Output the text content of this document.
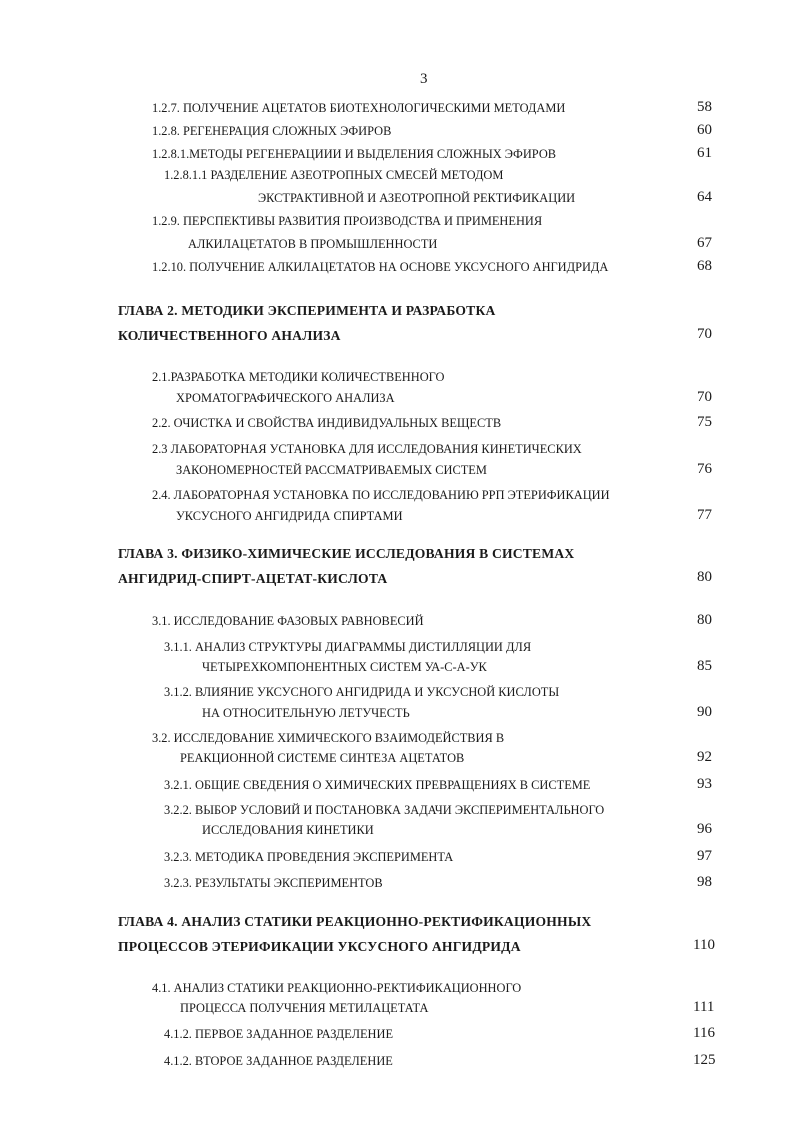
3
1.2.7. ПОЛУЧЕНИЕ АЦЕТАТОВ БИОТЕХНОЛОГИЧЕСКИМИ МЕТОДАМИ	58
1.2.8. РЕГЕНЕРАЦИЯ СЛОЖНЫХ ЭФИРОВ	60
1.2.8.1.МЕТОДЫ РЕГЕНЕРАЦИИИ И ВЫДЕЛЕНИЯ СЛОЖНЫХ ЭФИРОВ	61
1.2.8.1.1 РАЗДЕЛЕНИЕ АЗЕОТРОПНЫХ СМЕСЕЙ МЕТОДОМ
ЭКСТРАКТИВНОЙ И АЗЕОТРОПНОЙ РЕКТИФИКАЦИИ	64
1.2.9. ПЕРСПЕКТИВЫ РАЗВИТИЯ ПРОИЗВОДСТВА И ПРИМЕНЕНИЯ
АЛКИЛАЦЕТАТОВ В ПРОМЫШЛЕННОСТИ	67
1.2.10. ПОЛУЧЕНИЕ АЛКИЛАЦЕТАТОВ НА ОСНОВЕ УКСУСНОГО АНГИДРИДА	68
ГЛАВА 2. МЕТОДИКИ ЭКСПЕРИМЕНТА И РАЗРАБОТКА
КОЛИЧЕСТВЕННОГО АНАЛИЗА	70
2.1.РАЗРАБОТКА МЕТОДИКИ КОЛИЧЕСТВЕННОГО
ХРОМАТОГРАФИЧЕСКОГО АНАЛИЗА	70
2.2. ОЧИСТКА И СВОЙСТВА ИНДИВИДУАЛЬНЫХ ВЕЩЕСТВ	75
2.3 ЛАБОРАТОРНАЯ УСТАНОВКА ДЛЯ ИССЛЕДОВАНИЯ КИНЕТИЧЕСКИХ
ЗАКОНОМЕРНОСТЕЙ РАССМАТРИВАЕМЫХ СИСТЕМ	76
2.4. ЛАБОРАТОРНАЯ УСТАНОВКА ПО ИССЛЕДОВАНИЮ РРП ЭТЕРИФИКАЦИИ
УКСУСНОГО АНГИДРИДА СПИРТАМИ	77
ГЛАВА 3. ФИЗИКО-ХИМИЧЕСКИЕ ИССЛЕДОВАНИЯ В СИСТЕМАХ
АНГИДРИД-СПИРТ-АЦЕТАТ-КИСЛОТА	80
3.1. ИССЛЕДОВАНИЕ ФАЗОВЫХ РАВНОВЕСИЙ	80
3.1.1. АНАЛИЗ СТРУКТУРЫ ДИАГРАММЫ ДИСТИЛЛЯЦИИ ДЛЯ
ЧЕТЫРЕХКОМПОНЕНТНЫХ СИСТЕМ УА-С-А-УК	85
3.1.2. ВЛИЯНИЕ УКСУСНОГО АНГИДРИДА И УКСУСНОЙ КИСЛОТЫ
НА ОТНОСИТЕЛЬНУЮ ЛЕТУЧЕСТЬ	90
3.2. ИССЛЕДОВАНИЕ ХИМИЧЕСКОГО ВЗАИМОДЕЙСТВИЯ В
РЕАКЦИОННОЙ СИСТЕМЕ СИНТЕЗА АЦЕТАТОВ	92
3.2.1. ОБЩИЕ СВЕДЕНИЯ О ХИМИЧЕСКИХ ПРЕВРАЩЕНИЯХ В СИСТЕМЕ	93
3.2.2. ВЫБОР УСЛОВИЙ И ПОСТАНОВКА ЗАДАЧИ ЭКСПЕРИМЕНТАЛЬНОГО
ИССЛЕДОВАНИЯ КИНЕТИКИ	96
3.2.3. МЕТОДИКА ПРОВЕДЕНИЯ ЭКСПЕРИМЕНТА	97
3.2.3. РЕЗУЛЬТАТЫ ЭКСПЕРИМЕНТОВ	98
ГЛАВА 4. АНАЛИЗ СТАТИКИ РЕАКЦИОННО-РЕКТИФИКАЦИОННЫХ
ПРОЦЕССОВ ЭТЕРИФИКАЦИИ УКСУСНОГО АНГИДРИДА	110
4.1. АНАЛИЗ СТАТИКИ РЕАКЦИОННО-РЕКТИФИКАЦИОННОГО
ПРОЦЕССА ПОЛУЧЕНИЯ МЕТИЛАЦЕТАТА	111
4.1.2. ПЕРВОЕ ЗАДАННОЕ РАЗДЕЛЕНИЕ	116
4.1.2. ВТОРОЕ ЗАДАННОЕ РАЗДЕЛЕНИЕ	125
